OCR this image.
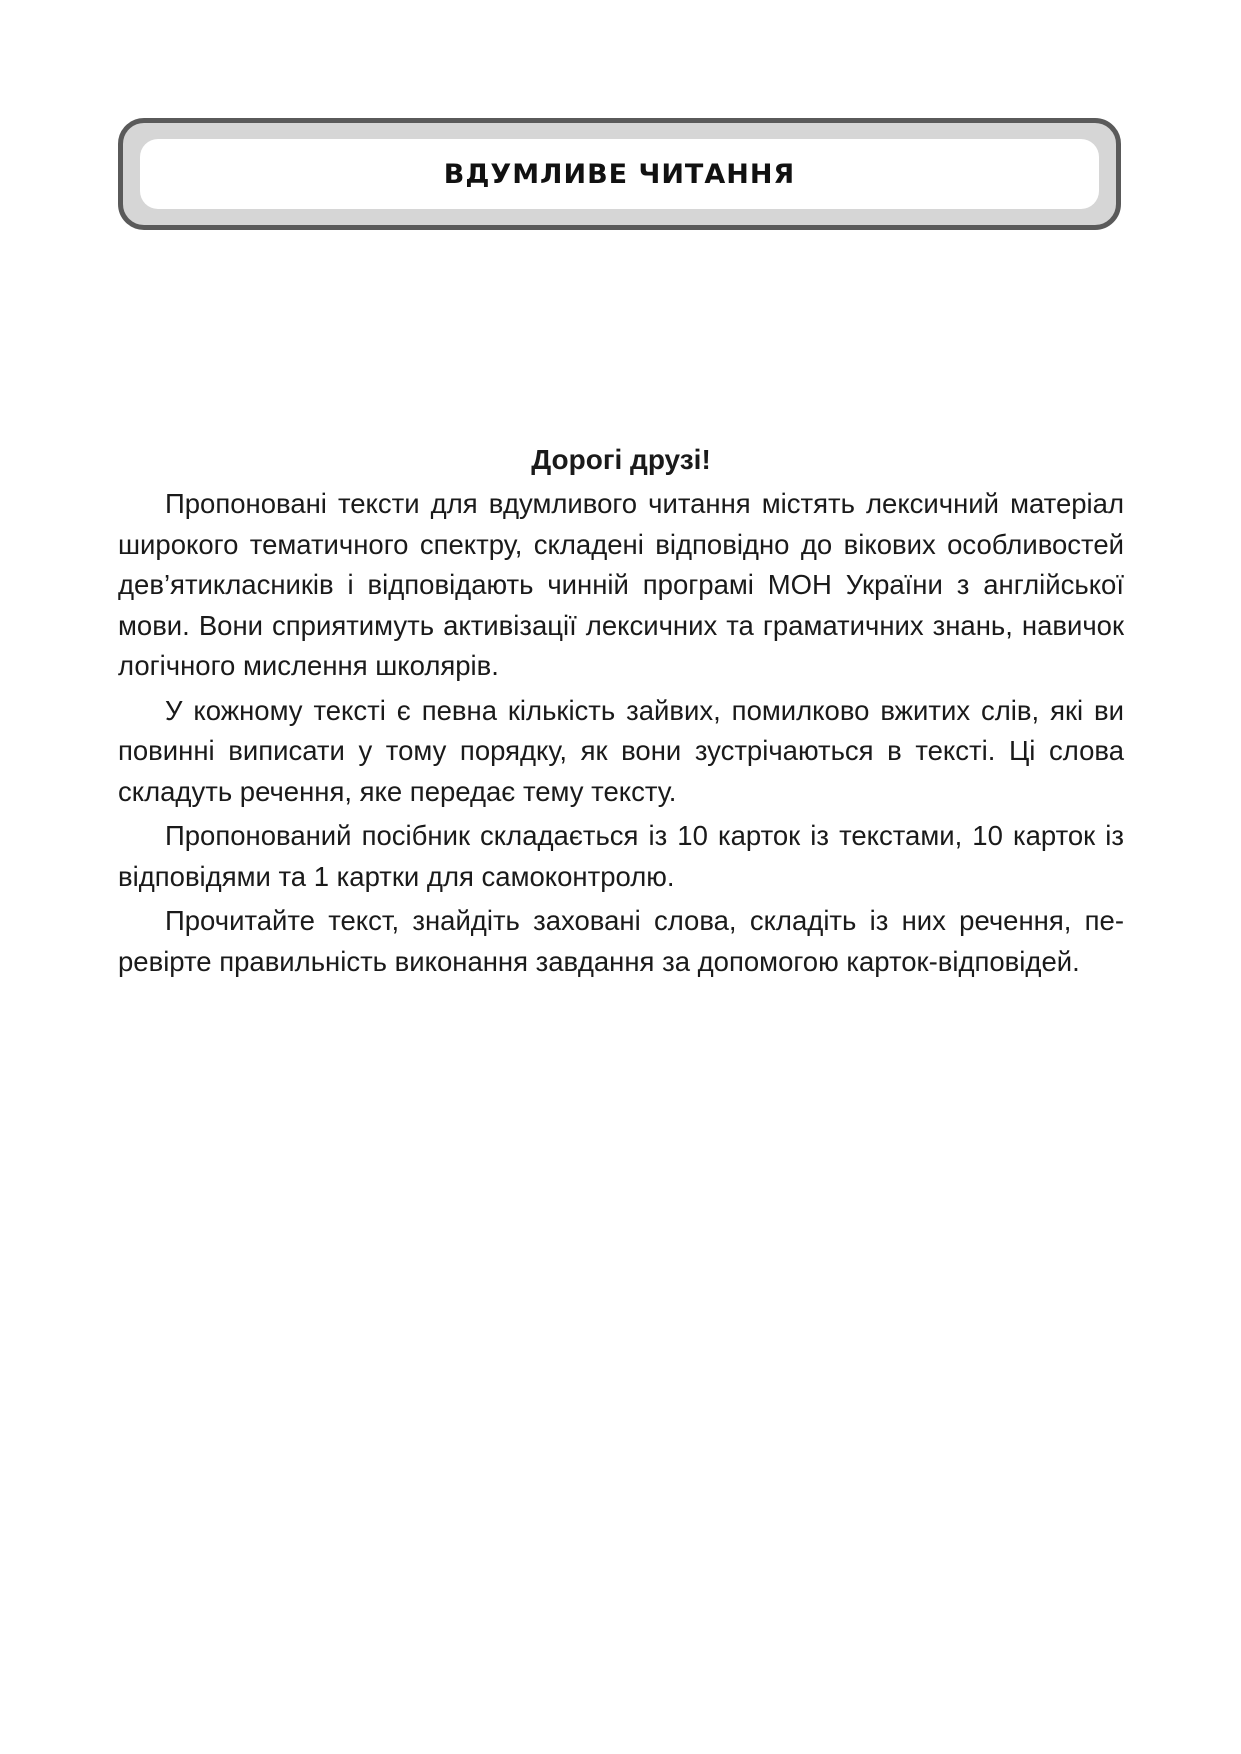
ВДУМЛИВЕ ЧИТАННЯ

Дорогі друзі!

Пропоновані тексти для вдумливого читання містять лексичний матеріал широкого тематичного спектру, складені відповідно до вікових особливостей дев’ятикласників і відповідають чинній програмі МОН України з англійської мови. Вони сприятимуть активізації лексичних та граматичних знань, навичок логічного мислення школярів.

У кожному тексті є певна кількість зайвих, помилково вжитих слів, які ви повинні виписати у тому порядку, як вони зустрічаються в тексті. Ці слова складуть речення, яке передає тему тексту.

Пропонований посібник складається із 10 карток із текстами, 10 карток із відповідями та 1 картки для самоконтролю.

Прочитайте текст, знайдіть заховані слова, складіть із них речення, перевірте правильність виконання завдання за допомогою карток-відповідей.
